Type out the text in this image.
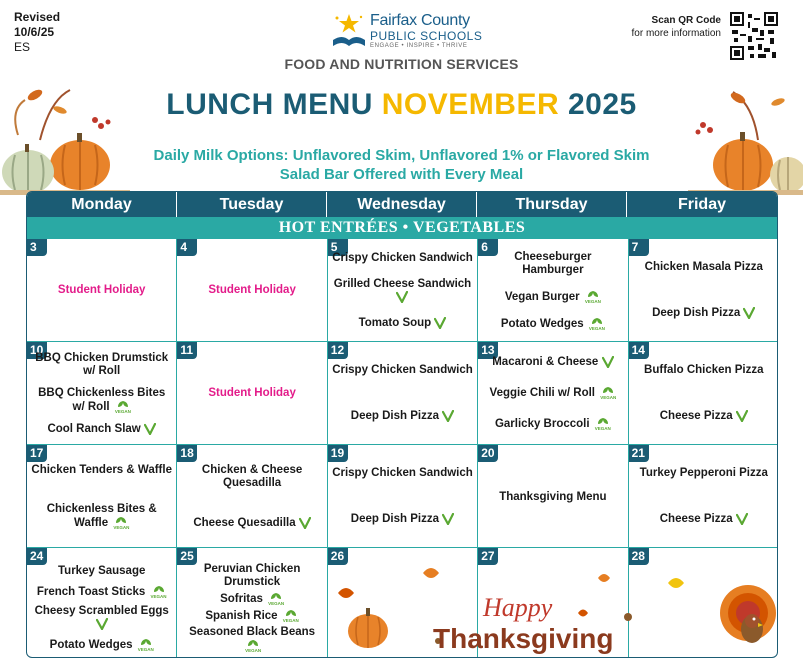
Revised
10/6/25
ES
Fairfax County
PUBLIC SCHOOLS
ENGAGE • INSPIRE • THRIVE
FOOD AND NUTRITION SERVICES
Scan QR Code
for more information
LUNCH MENU NOVEMBER 2025
Daily Milk Options: Unflavored Skim, Unflavored 1% or Flavored Skim
Salad Bar Offered with Every Meal
Monday	Tuesday	Wednesday	Thursday	Friday
HOT ENTRÉES • VEGETABLES
3
Student Holiday
4
Student Holiday
5
Crispy Chicken Sandwich
Grilled Cheese Sandwich
Tomato Soup
6
Cheeseburger Hamburger
Vegan Burger VEGAN
Potato Wedges VEGAN
7
Chicken Masala Pizza
Deep Dish Pizza
10
BBQ Chicken Drumstick w/ Roll
BBQ Chickenless Bites w/ Roll VEGAN
Cool Ranch Slaw
11
Student Holiday
12
Crispy Chicken Sandwich
Deep Dish Pizza
13
Macaroni & Cheese
Veggie Chili w/ Roll VEGAN
Garlicky Broccoli VEGAN
14
Buffalo Chicken Pizza
Cheese Pizza
17
Chicken Tenders & Waffle
Chickenless Bites & Waffle VEGAN
18
Chicken & Cheese Quesadilla
Cheese Quesadilla
19
Crispy Chicken Sandwich
Deep Dish Pizza
20
Thanksgiving Menu
21
Turkey Pepperoni Pizza
Cheese Pizza
24
Turkey Sausage
French Toast Sticks VEGAN
Cheesy Scrambled Eggs
Potato Wedges VEGAN
25
Peruvian Chicken Drumstick
Sofritas VEGAN
Spanish Rice VEGAN
Seasoned Black Beans
VEGAN
26	27	28
Happy
Thanksgiving
